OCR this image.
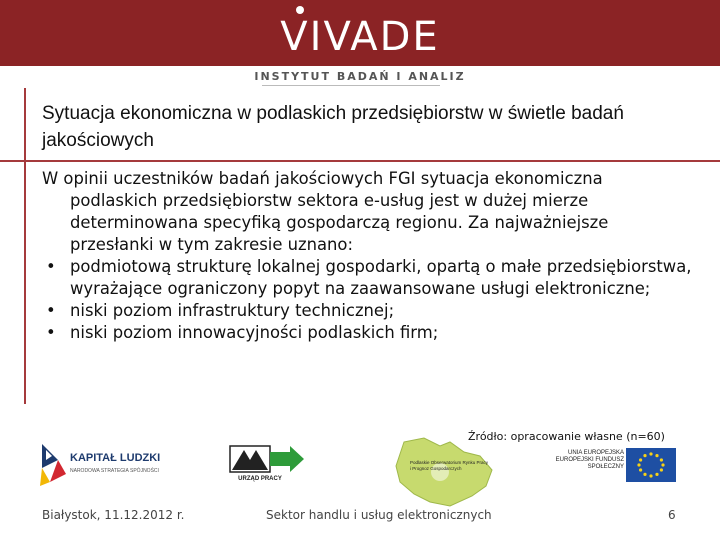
VIVADE
INSTYTUT BADAŃ I ANALIZ
Sytuacja ekonomiczna w podlaskich przedsiębiorstw w świetle badań jakościowych

W opinii uczestników badań jakościowych FGI sytuacja ekonomiczna podlaskich przedsiębiorstw sektora e-usług jest w dużej mierze determinowana specyfiką gospodarczą regionu. Za najważniejsze przesłanki w tym zakresie uznano:

• podmiotową strukturę lokalnej gospodarki, opartą o małe przedsiębiorstwa, wyrażające ograniczony popyt na zaawansowane usługi elektroniczne;
• niski poziom infrastruktury technicznej;
• niski poziom innowacyjności podlaskich firm;
Źródło: opracowanie własne (n=60)
KAPITAŁ LUDZKI
NARODOWA STRATEGIA SPÓJNOŚCI
URZĄD PRACY
Podlaskie Obserwatorium Rynku Pracy i Prognoz Gospodarczych
UNIA EUROPEJSKA EUROPEJSKI FUNDUSZ SPOŁECZNY
Białystok, 11.12.2012 r.	Sektor handlu i usług elektronicznych	6
